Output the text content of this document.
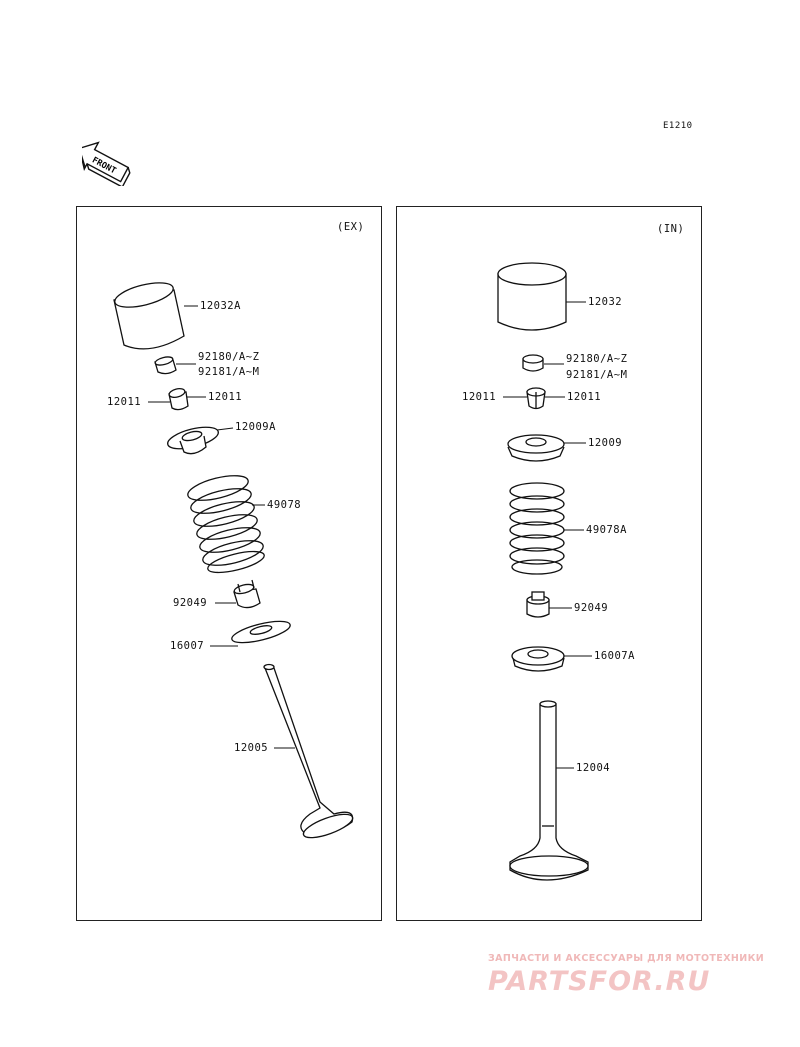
E1210
FRONT
(EX)	(IN)
12032A
92180/A~Z
92181/A~M
12011	12011
12009A
49078
92049
16007
12005
12032
92180/A~Z
92181/A~M
12011	12011
12009
49078A
92049
16007A
12004
ЗАПЧАСТИ И АКСЕССУАРЫ ДЛЯ МОТОТЕХНИКИ
PARTSFOR.RU
